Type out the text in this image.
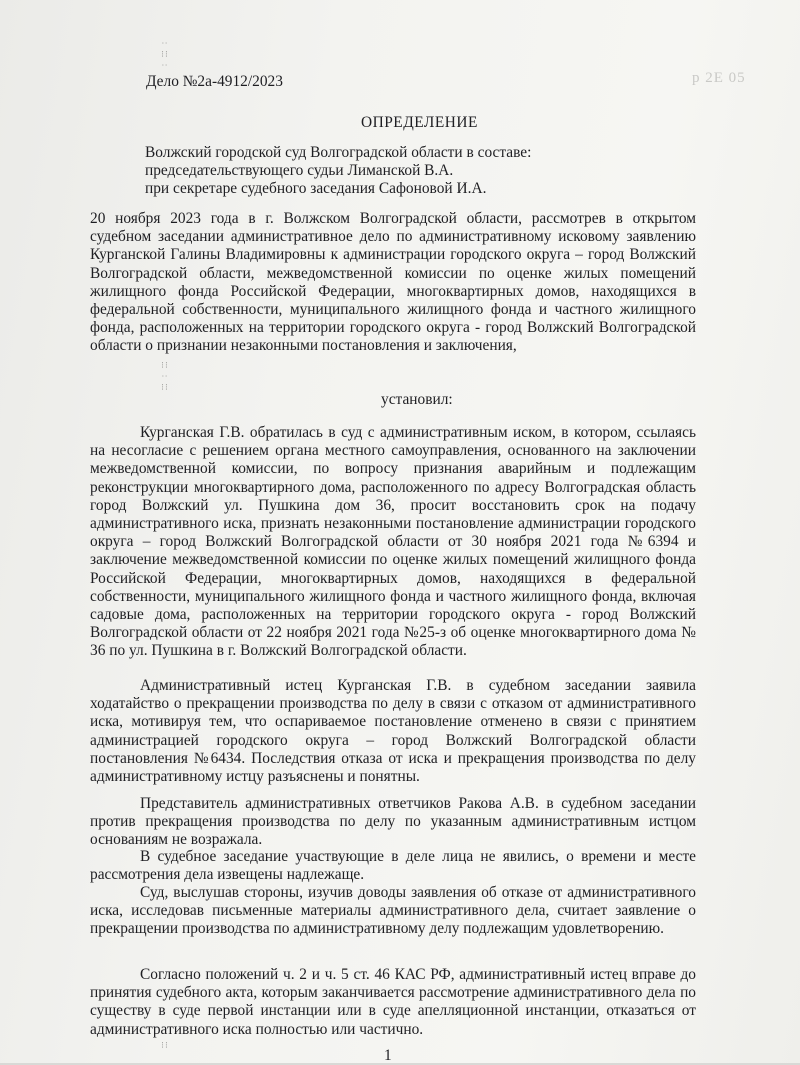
р 2Е 05
∙∙
⁝⁝
∙∙
⁝⁝
∙∙
⁝⁝
⁝⁝
Дело №2а-4912/2023
ОПРЕДЕЛЕНИЕ
Волжский городской суд Волгоградской области в составе:
председательствующего судьи Лиманской В.А.
при секретаре судебного заседания Сафоновой И.А.
20 ноября 2023 года в г. Волжском Волгоградской области, рассмотрев в открытом судебном заседании административное дело по административному исковому заявлению Курганской Галины Владимировны к администрации городского округа – город Волжский Волгоградской области, межведомственной комиссии по оценке жилых помещений жилищного фонда Российской Федерации, многоквартирных домов, находящихся в федеральной собственности, муниципального жилищного фонда и частного жилищного фонда, расположенных на территории городского округа - город Волжский Волгоградской области о признании незаконными постановления и заключения,
установил:
Курганская Г.В. обратилась в суд с административным иском, в котором, ссылаясь на несогласие с решением органа местного самоуправления, основанного на заключении межведомственной комиссии, по вопросу признания аварийным и подлежащим реконструкции многоквартирного дома, расположенного по адресу Волгоградская область город Волжский ул. Пушкина дом 36, просит восстановить срок на подачу административного иска, признать незаконными постановление администрации городского округа – город Волжский Волгоградской области от 30 ноября 2021 года №6394 и заключение межведомственной комиссии по оценке жилых помещений жилищного фонда Российской Федерации, многоквартирных домов, находящихся в федеральной собственности, муниципального жилищного фонда и частного жилищного фонда, включая садовые дома, расположенных на территории городского округа - город Волжский Волгоградской области от 22 ноября 2021 года №25-з об оценке многоквартирного дома № 36 по ул. Пушкина в г. Волжский Волгоградской области.
Административный истец Курганская Г.В. в судебном заседании заявила ходатайство о прекращении производства по делу в связи с отказом от административного иска, мотивируя тем, что оспариваемое постановление отменено в связи с принятием администрацией городского округа – город Волжский Волгоградской области постановления №6434. Последствия отказа от иска и прекращения производства по делу административному истцу разъяснены и понятны.
Представитель административных ответчиков Ракова А.В. в судебном заседании против прекращения производства по делу по указанным административным истцом основаниям не возражала.
В судебное заседание участвующие в деле лица не явились, о времени и месте рассмотрения дела извещены надлежаще.
Суд, выслушав стороны, изучив доводы заявления об отказе от административного иска, исследовав письменные материалы административного дела, считает заявление о прекращении производства по административному делу подлежащим удовлетворению.
Согласно положений ч. 2 и ч. 5 ст. 46 КАС РФ, административный истец вправе до принятия судебного акта, которым заканчивается рассмотрение административного дела по существу в суде первой инстанции или в суде апелляционной инстанции, отказаться от административного иска полностью или частично.
1
